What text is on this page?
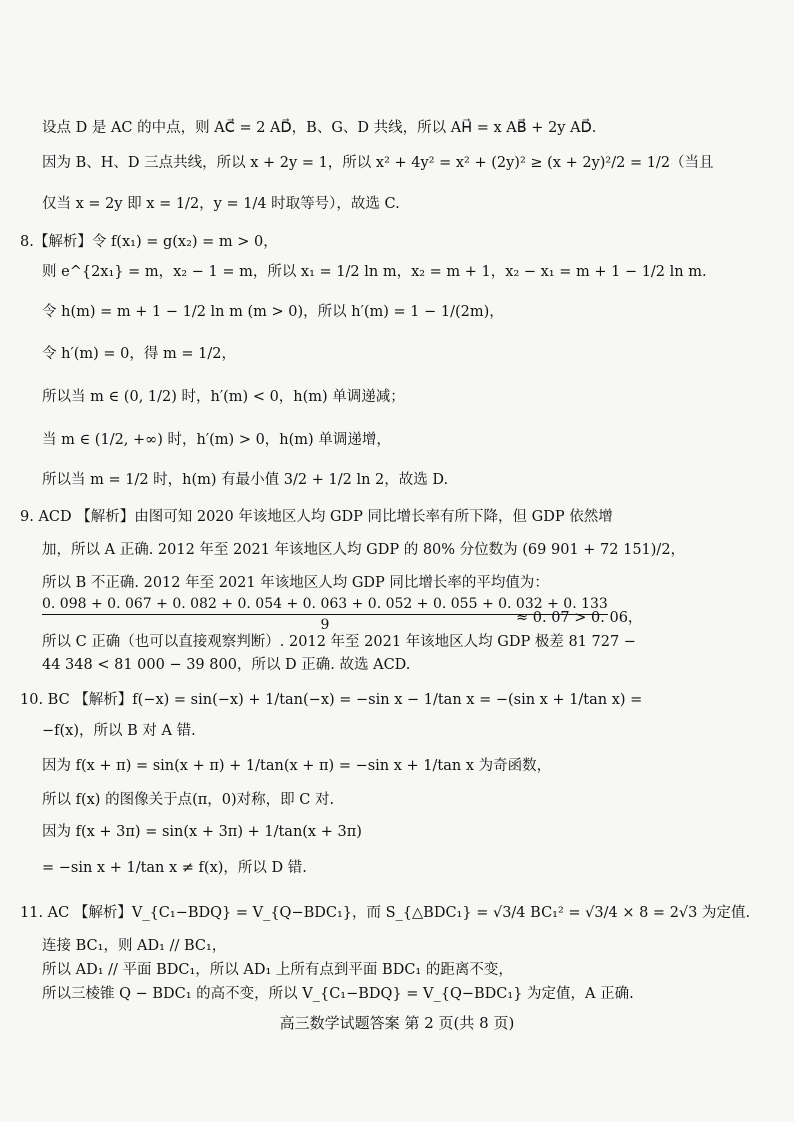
设点 D 是 AC 的中点，则 AC⃗ = 2 AD⃗，B、G、D 共线，所以 AH⃗ = x AB⃗ + 2y AD⃗.
因为 B、H、D 三点共线，所以 x + 2y = 1，所以 x² + 4y² = x² + (2y)² ≥ (x + 2y)²/2 = 1/2（当且
仅当 x = 2y 即 x = 1/2，y = 1/4 时取等号），故选 C.
8.【解析】令 f(x₁) = g(x₂) = m > 0，
则 e^{2x₁} = m，x₂ − 1 = m，所以 x₁ = 1/2 ln m，x₂ = m + 1，x₂ − x₁ = m + 1 − 1/2 ln m.
令 h(m) = m + 1 − 1/2 ln m (m > 0)，所以 h′(m) = 1 − 1/(2m)，
令 h′(m) = 0，得 m = 1/2，
所以当 m ∈ (0, 1/2) 时，h′(m) < 0，h(m) 单调递减；
当 m ∈ (1/2, +∞) 时，h′(m) > 0，h(m) 单调递增，
所以当 m = 1/2 时，h(m) 有最小值 3/2 + 1/2 ln 2，故选 D.
9. ACD 【解析】由图可知 2020 年该地区人均 GDP 同比增长率有所下降，但 GDP 依然增
加，所以 A 正确. 2012 年至 2021 年该地区人均 GDP 的 80% 分位数为 (69 901 + 72 151)/2，
所以 B 不正确. 2012 年至 2021 年该地区人均 GDP 同比增长率的平均值为：
0. 098 + 0. 067 + 0. 082 + 0. 054 + 0. 063 + 0. 052 + 0. 055 + 0. 032 + 0. 133
9	≈ 0. 07 > 0. 06，
所以 C 正确（也可以直接观察判断）. 2012 年至 2021 年该地区人均 GDP 极差 81 727 −
44 348 < 81 000 − 39 800，所以 D 正确. 故选 ACD.
10. BC 【解析】f(−x) = sin(−x) + 1/tan(−x) = −sin x − 1/tan x = −(sin x + 1/tan x) =
−f(x)，所以 B 对 A 错.
因为 f(x + π) = sin(x + π) + 1/tan(x + π) = −sin x + 1/tan x 为奇函数，
所以 f(x) 的图像关于点(π，0)对称，即 C 对.
因为 f(x + 3π) = sin(x + 3π) + 1/tan(x + 3π)
= −sin x + 1/tan x ≠ f(x)，所以 D 错.
11. AC 【解析】V_{C₁−BDQ} = V_{Q−BDC₁}，而 S_{△BDC₁} = √3/4 BC₁² = √3/4 × 8 = 2√3 为定值.
连接 BC₁，则 AD₁ // BC₁，
所以 AD₁ // 平面 BDC₁，所以 AD₁ 上所有点到平面 BDC₁ 的距离不变，
所以三棱锥 Q − BDC₁ 的高不变，所以 V_{C₁−BDQ} = V_{Q−BDC₁} 为定值，A 正确.
高三数学试题答案 第 2 页(共 8 页)
